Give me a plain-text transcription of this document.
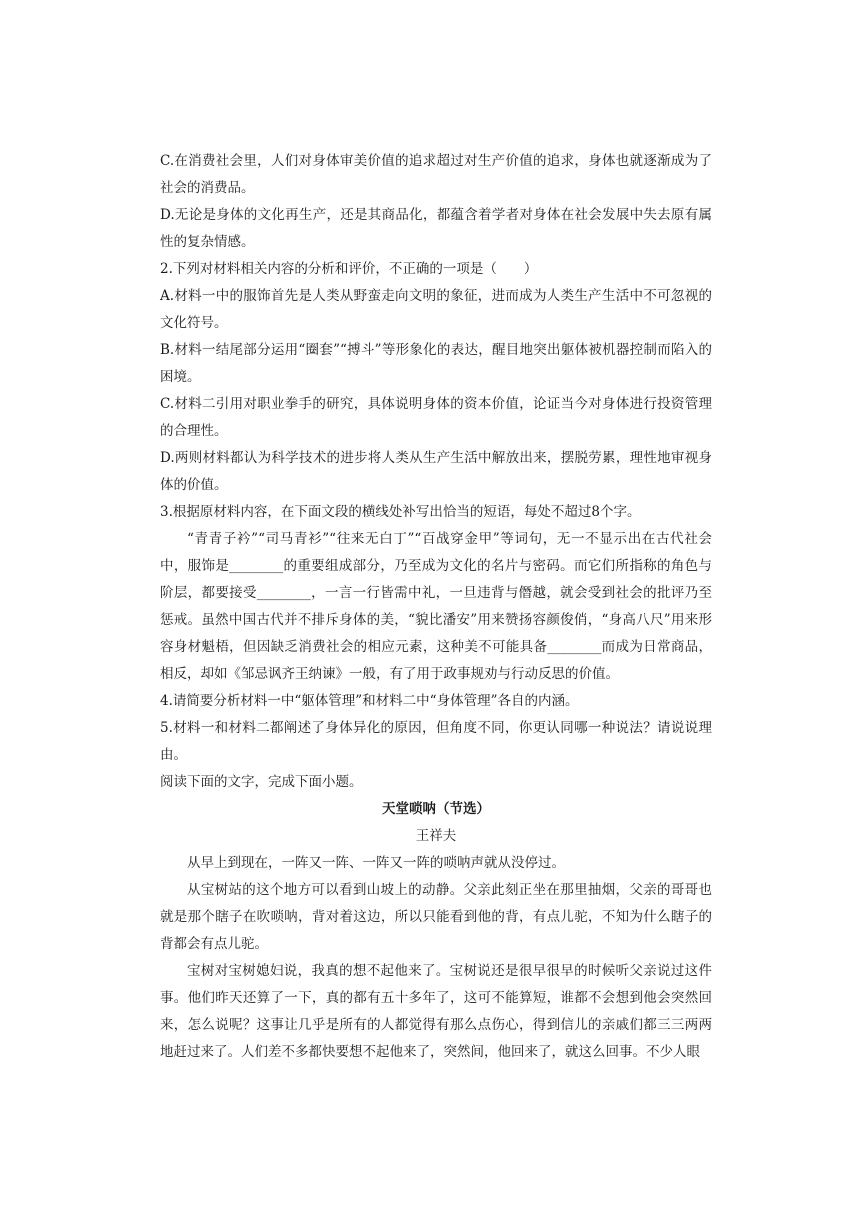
C.在消费社会里，人们对身体审美价值的追求超过对生产价值的追求，身体也就逐渐成为了社会的消费品。

D.无论是身体的文化再生产，还是其商品化，都蕴含着学者对身体在社会发展中失去原有属性的复杂情感。

2.下列对材料相关内容的分析和评价，不正确的一项是（　　）

A.材料一中的服饰首先是人类从野蛮走向文明的象征，进而成为人类生产生活中不可忽视的文化符号。

B.材料一结尾部分运用“圈套”“搏斗”等形象化的表达，醒目地突出躯体被机器控制而陷入的困境。

C.材料二引用对职业拳手的研究，具体说明身体的资本价值，论证当今对身体进行投资管理的合理性。

D.两则材料都认为科学技术的进步将人类从生产生活中解放出来，摆脱劳累，理性地审视身体的价值。

3.根据原材料内容，在下面文段的横线处补写出恰当的短语，每处不超过8个字。

“青青子衿”“司马青衫”“往来无白丁”“百战穿金甲”等词句，无一不显示出在古代社会中，服饰是________的重要组成部分，乃至成为文化的名片与密码。而它们所指称的角色与阶层，都要接受________，一言一行皆需中礼，一旦违背与僭越，就会受到社会的批评乃至惩戒。虽然中国古代并不排斥身体的美，“貌比潘安”用来赞扬容颜俊俏，“身高八尺”用来形容身材魁梧，但因缺乏消费社会的相应元素，这种美不可能具备________而成为日常商品，相反，却如《邹忌讽齐王纳谏》一般，有了用于政事规劝与行动反思的价值。

4.请简要分析材料一中“躯体管理”和材料二中“身体管理”各自的内涵。

5.材料一和材料二都阐述了身体异化的原因，但角度不同，你更认同哪一种说法？请说说理由。

阅读下面的文字，完成下面小题。

天堂唢呐（节选）

王祥夫

从早上到现在，一阵又一阵、一阵又一阵的唢呐声就从没停过。

从宝树站的这个地方可以看到山坡上的动静。父亲此刻正坐在那里抽烟，父亲的哥哥也就是那个瞎子在吹唢呐，背对着这边，所以只能看到他的背，有点儿驼，不知为什么瞎子的背都会有点儿驼。

宝树对宝树媳妇说，我真的想不起他来了。宝树说还是很早很早的时候听父亲说过这件事。他们昨天还算了一下，真的都有五十多年了，这可不能算短，谁都不会想到他会突然回来，怎么说呢？这事让几乎是所有的人都觉得有那么点伤心，得到信儿的亲戚们都三三两两地赶过来了。人们差不多都快要想不起他来了，突然间，他回来了，就这么回事。不少人眼
